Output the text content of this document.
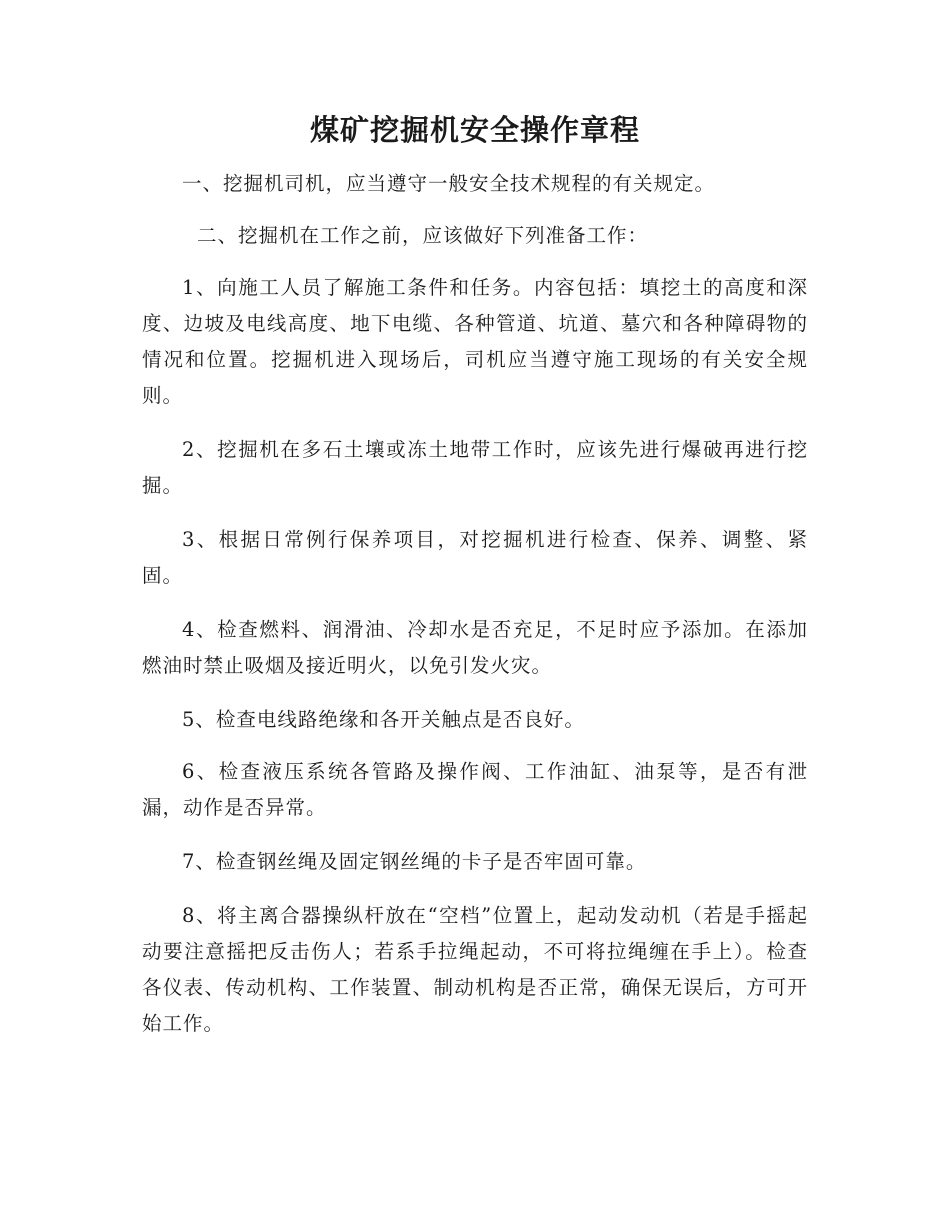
煤矿挖掘机安全操作章程

一、挖掘机司机，应当遵守一般安全技术规程的有关规定。

二、挖掘机在工作之前，应该做好下列准备工作：

1、向施工人员了解施工条件和任务。内容包括：填挖土的高度和深度、边坡及电线高度、地下电缆、各种管道、坑道、墓穴和各种障碍物的情况和位置。挖掘机进入现场后，司机应当遵守施工现场的有关安全规则。

2、挖掘机在多石土壤或冻土地带工作时，应该先进行爆破再进行挖掘。

3、根据日常例行保养项目，对挖掘机进行检查、保养、调整、紧固。

4、检查燃料、润滑油、冷却水是否充足，不足时应予添加。在添加燃油时禁止吸烟及接近明火，以免引发火灾。

5、检查电线路绝缘和各开关触点是否良好。

6、检查液压系统各管路及操作阀、工作油缸、油泵等，是否有泄漏，动作是否异常。

7、检查钢丝绳及固定钢丝绳的卡子是否牢固可靠。

8、将主离合器操纵杆放在“空档”位置上，起动发动机（若是手摇起动要注意摇把反击伤人；若系手拉绳起动，不可将拉绳缠在手上）。检查各仪表、传动机构、工作装置、制动机构是否正常，确保无误后，方可开始工作。
